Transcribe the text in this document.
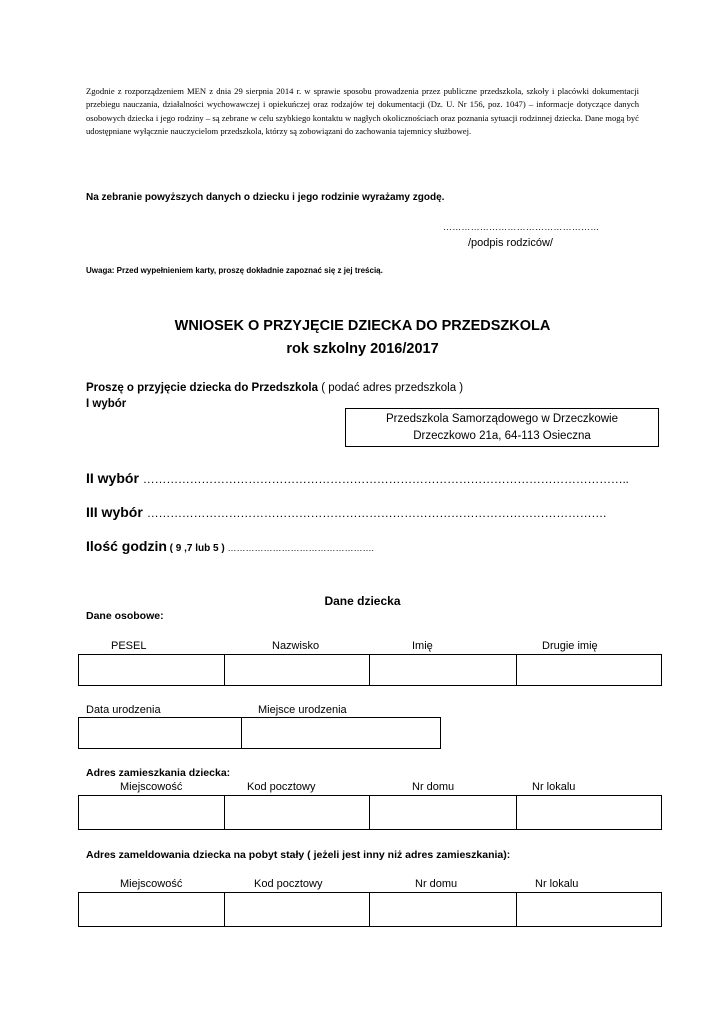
Zgodnie z rozporządzeniem MEN z dnia 29 sierpnia 2014 r. w sprawie sposobu prowadzenia przez publiczne przedszkola, szkoły i placówki dokumentacji przebiegu nauczania, działalności wychowawczej i opiekuńczej oraz rodzajów tej dokumentacji (Dz. U. Nr 156, poz. 1047) – informacje dotyczące danych osobowych dziecka i jego rodziny – są zebrane w celu szybkiego kontaktu w nagłych okolicznościach oraz poznania sytuacji rodzinnej dziecka. Dane mogą być udostępniane wyłącznie nauczycielom przedszkola, którzy są zobowiązani do zachowania tajemnicy służbowej.
Na zebranie powyższych danych o dziecku i jego rodzinie wyrażamy zgodę.
……………………………………………
/podpis rodziców/
Uwaga: Przed wypełnieniem karty, proszę dokładnie zapoznać się z jej treścią.
WNIOSEK O PRZYJĘCIE DZIECKA DO PRZEDSZKOLA
rok szkolny 2016/2017
Proszę o przyjęcie dziecka do Przedszkola ( podać adres przedszkola )
I wybór
Przedszkola Samorządowego w Drzeczkowie
Drzeczkowo 21a, 64-113 Osieczna
II wybór ……………………………………………………………………………………………………………..
III wybór ……………………………………………………………………………………………………….
Ilość godzin ( 9 ,7 lub 5 ) ………………………………………….
Dane dziecka
Dane osobowe:
PESEL	Nazwisko	Imię	Drugie imię

Data urodzenia	Miejsce urodzenia

Adres zamieszkania dziecka:
Miejscowość	Kod pocztowy	Nr domu	Nr lokalu

Adres zameldowania dziecka na pobyt stały ( jeżeli jest inny niż adres zamieszkania):
Miejscowość	Kod pocztowy	Nr domu	Nr lokalu
